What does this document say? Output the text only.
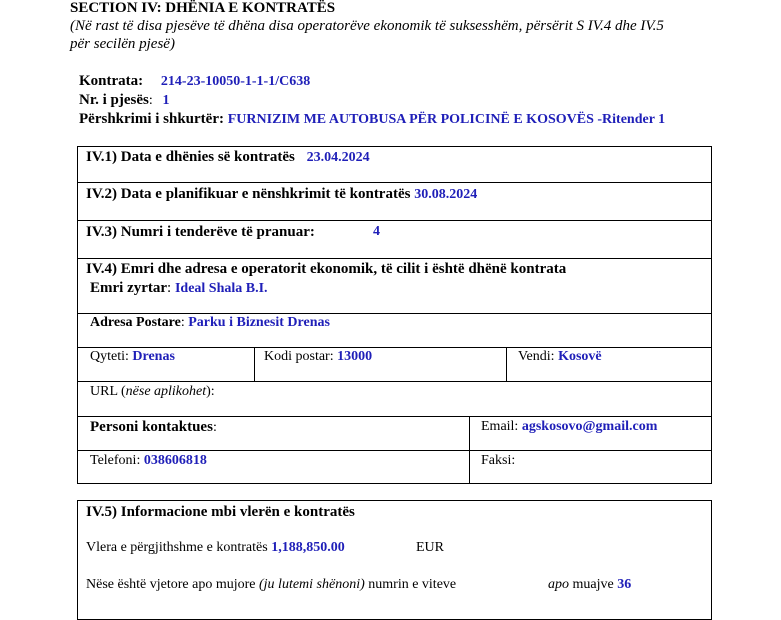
SECTION IV: DHËNIA E KONTRATËS
(Në rast të disa pjesëve të dhëna disa operatorëve ekonomik të suksesshëm, përsërit S IV.4 dhe IV.5
për secilën pjesë)
Kontrata: 214-23-10050-1-1-1/C638
Nr. i pjesës: 1
Përshkrimi i shkurtër: FURNIZIM ME AUTOBUSA PËR POLICINË E KOSOVËS -Ritender 1
IV.1) Data e dhënies së kontratës 23.04.2024
IV.2) Data e planifikuar e nënshkrimit të kontratës 30.08.2024
IV.3) Numri i tenderëve të pranuar:	4
IV.4) Emri dhe adresa e operatorit ekonomik, të cilit i është dhënë kontrata
Emri zyrtar: Ideal Shala B.I.
Adresa Postare: Parku i Biznesit Drenas
Qyteti: Drenas	Kodi postar: 13000	Vendi: Kosovë
URL (nëse aplikohet):
Personi kontaktues:	Email: agskosovo@gmail.com
Telefoni: 038606818	Faksi:
IV.5) Informacione mbi vlerën e kontratës
Vlera e përgjithshme e kontratës 1,188,850.00	EUR
Nëse është vjetore apo mujore (ju lutemi shënoni) numrin e viteve	apo muajve 36
